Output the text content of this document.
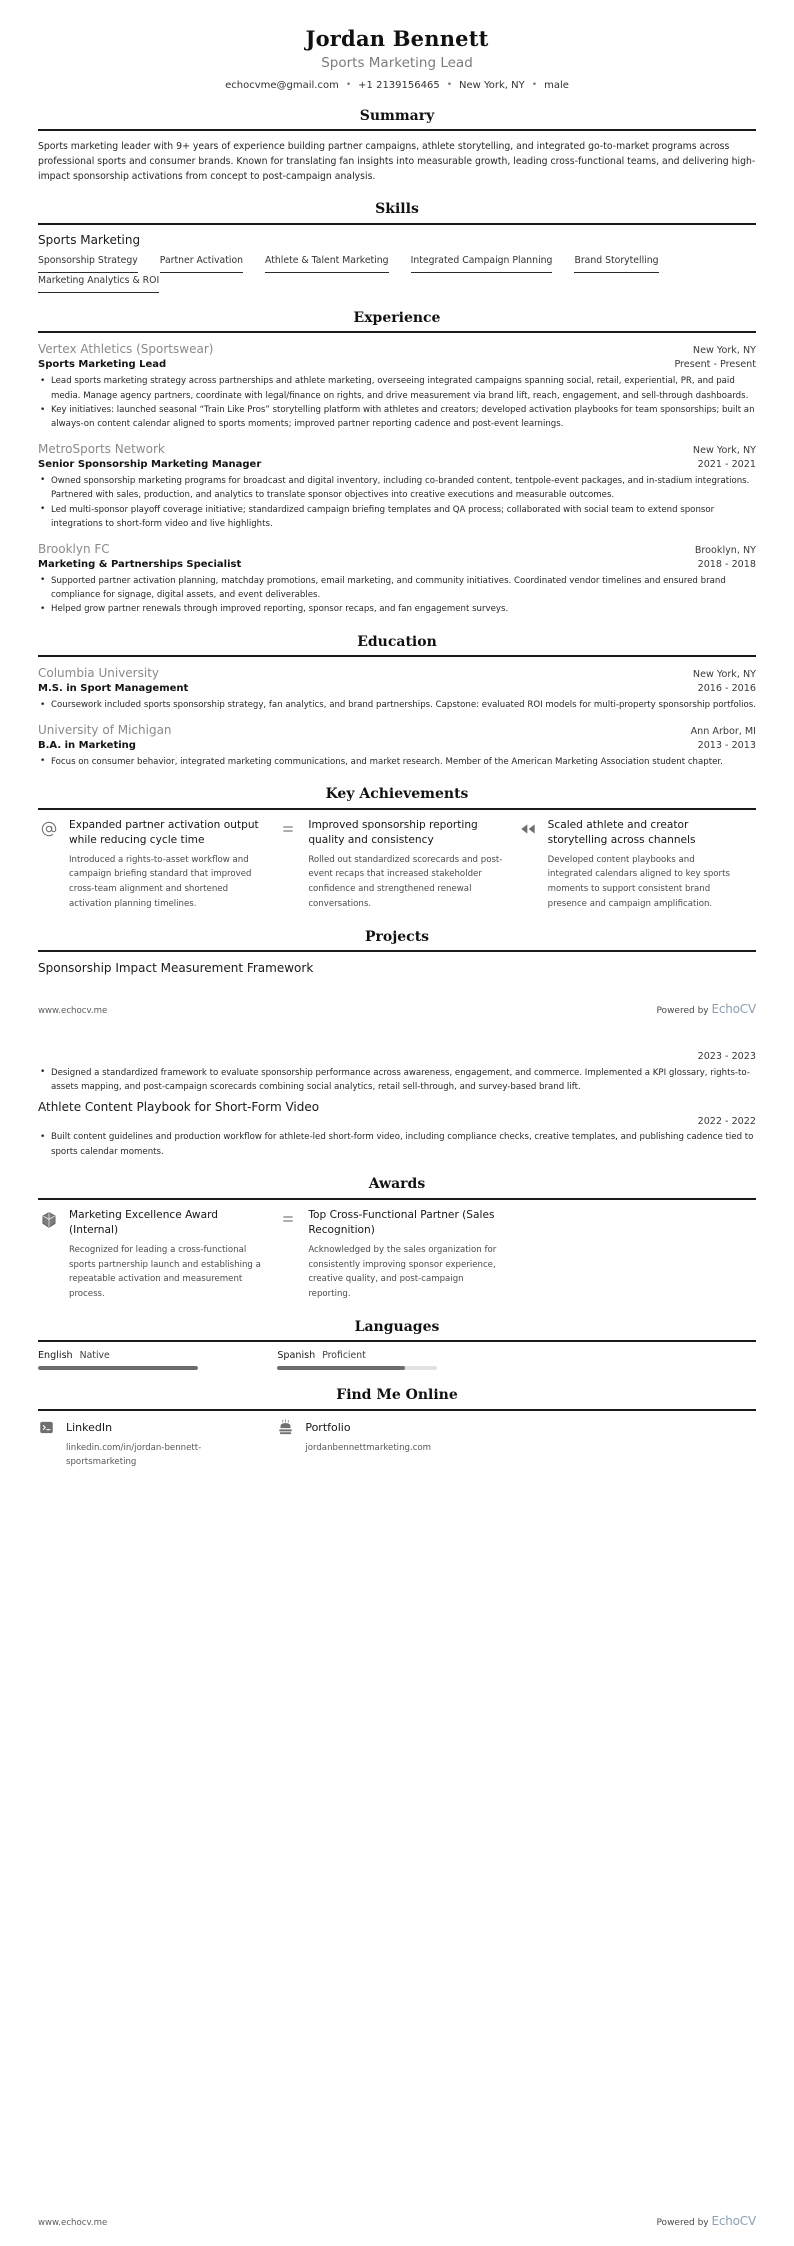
Jordan Bennett
Sports Marketing Lead
echocvme@gmail.com • +1 2139156465 • New York, NY • male
Summary
Sports marketing leader with 9+ years of experience building partner campaigns, athlete storytelling, and integrated go-to-market programs across professional sports and consumer brands. Known for translating fan insights into measurable growth, leading cross-functional teams, and delivering high-impact sponsorship activations from concept to post-campaign analysis.
Skills
Sports Marketing
Sponsorship Strategy Partner Activation Athlete & Talent Marketing Integrated Campaign Planning Brand Storytelling
Marketing Analytics & ROI
Experience
Vertex Athletics (Sportswear)	New York, NY
Sports Marketing Lead	Present - Present
• Lead sports marketing strategy across partnerships and athlete marketing, overseeing integrated campaigns spanning social, retail, experiential, PR, and paid media. Manage agency partners, coordinate with legal/finance on rights, and drive measurement via brand lift, reach, engagement, and sell-through dashboards.
• Key initiatives: launched seasonal “Train Like Pros” storytelling platform with athletes and creators; developed activation playbooks for team sponsorships; built an always-on content calendar aligned to sports moments; improved partner reporting cadence and post-event learnings.
MetroSports Network	New York, NY
Senior Sponsorship Marketing Manager	2021 - 2021
• Owned sponsorship marketing programs for broadcast and digital inventory, including co-branded content, tentpole-event packages, and in-stadium integrations. Partnered with sales, production, and analytics to translate sponsor objectives into creative executions and measurable outcomes.
• Led multi-sponsor playoff coverage initiative; standardized campaign briefing templates and QA process; collaborated with social team to extend sponsor integrations to short-form video and live highlights.
Brooklyn FC	Brooklyn, NY
Marketing & Partnerships Specialist	2018 - 2018
• Supported partner activation planning, matchday promotions, email marketing, and community initiatives. Coordinated vendor timelines and ensured brand compliance for signage, digital assets, and event deliverables.
• Helped grow partner renewals through improved reporting, sponsor recaps, and fan engagement surveys.
Education
Columbia University	New York, NY
M.S. in Sport Management	2016 - 2016
• Coursework included sports sponsorship strategy, fan analytics, and brand partnerships. Capstone: evaluated ROI models for multi-property sponsorship portfolios.
University of Michigan	Ann Arbor, MI
B.A. in Marketing	2013 - 2013
• Focus on consumer behavior, integrated marketing communications, and market research. Member of the American Marketing Association student chapter.
Key Achievements
Expanded partner activation output while reducing cycle time
Introduced a rights-to-asset workflow and campaign briefing standard that improved cross-team alignment and shortened activation planning timelines.
Improved sponsorship reporting quality and consistency
Rolled out standardized scorecards and post-event recaps that increased stakeholder confidence and strengthened renewal conversations.
Scaled athlete and creator storytelling across channels
Developed content playbooks and integrated calendars aligned to key sports moments to support consistent brand presence and campaign amplification.
Projects
Sponsorship Impact Measurement Framework
www.echocv.me	Powered by EchoCV
2023 - 2023
• Designed a standardized framework to evaluate sponsorship performance across awareness, engagement, and commerce. Implemented a KPI glossary, rights-to-assets mapping, and post-campaign scorecards combining social analytics, retail sell-through, and survey-based brand lift.
Athlete Content Playbook for Short-Form Video
2022 - 2022
• Built content guidelines and production workflow for athlete-led short-form video, including compliance checks, creative templates, and publishing cadence tied to sports calendar moments.
Awards
Marketing Excellence Award (Internal)
Recognized for leading a cross-functional sports partnership launch and establishing a repeatable activation and measurement process.
Top Cross-Functional Partner (Sales Recognition)
Acknowledged by the sales organization for consistently improving sponsor experience, creative quality, and post-campaign reporting.
Languages
English Native	Spanish Proficient
Find Me Online
LinkedIn
linkedin.com/in/jordan-bennett-sportsmarketing
Portfolio
jordanbennettmarketing.com
www.echocv.me	Powered by EchoCV
